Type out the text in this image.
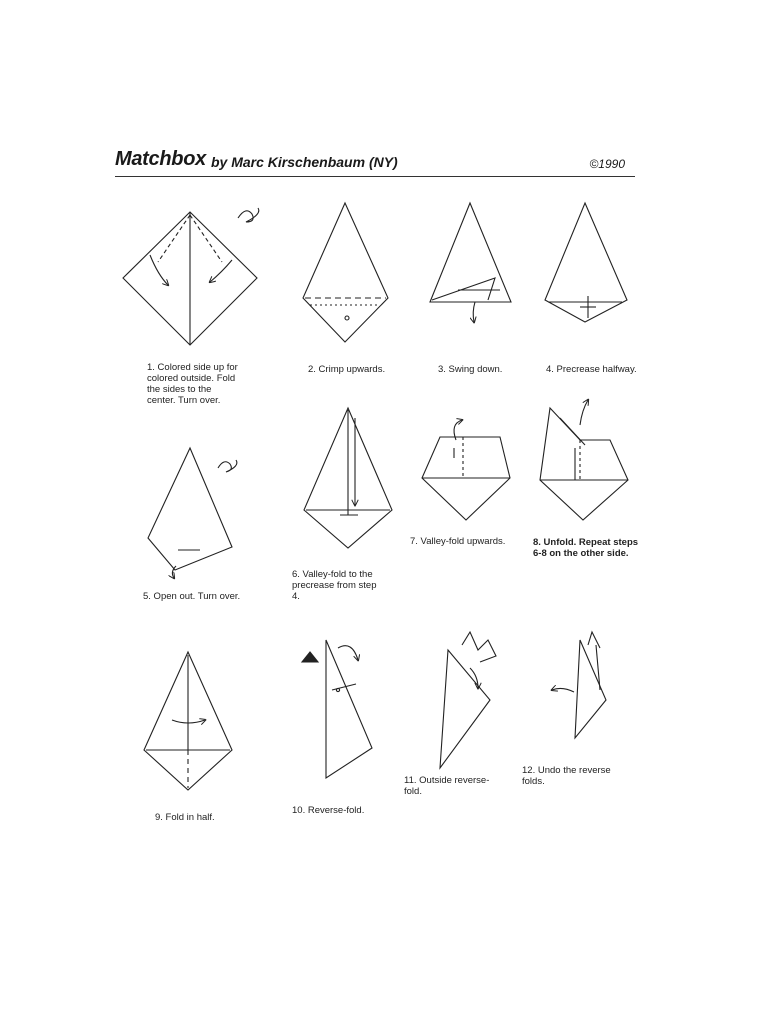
Matchbox by Marc Kirschenbaum (NY)	©1990
1. Colored side up for
colored outside. Fold
the sides to the
center. Turn over.
2. Crimp upwards.	3. Swing down.	4. Precrease halfway.
5. Open out. Turn over.
6. Valley-fold to the
precrease from step
4.
7. Valley-fold upwards.	8. Unfold. Repeat steps
6-8 on the other side.
9. Fold in half.
10. Reverse-fold.
11. Outside reverse-
fold.
12. Undo the reverse
folds.
